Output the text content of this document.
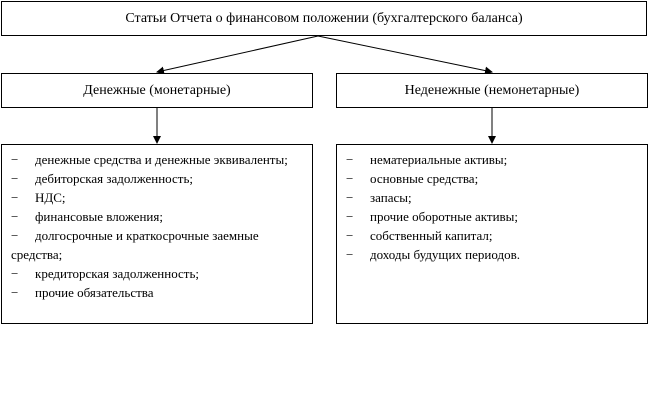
Статьи Отчета о финансовом положении (бухгалтерского баланса)
Денежные (монетарные)	Неденежные (немонетарные)
− денежные средства и денежные эквиваленты;
− дебиторская задолженность;
− НДС;
− финансовые вложения;
− долгосрочные и краткосрочные заемные средства;
− кредиторская задолженность;
− прочие обязательства
− нематериальные активы;
− основные средства;
− запасы;
− прочие оборотные активы;
− собственный капитал;
− доходы будущих периодов.
